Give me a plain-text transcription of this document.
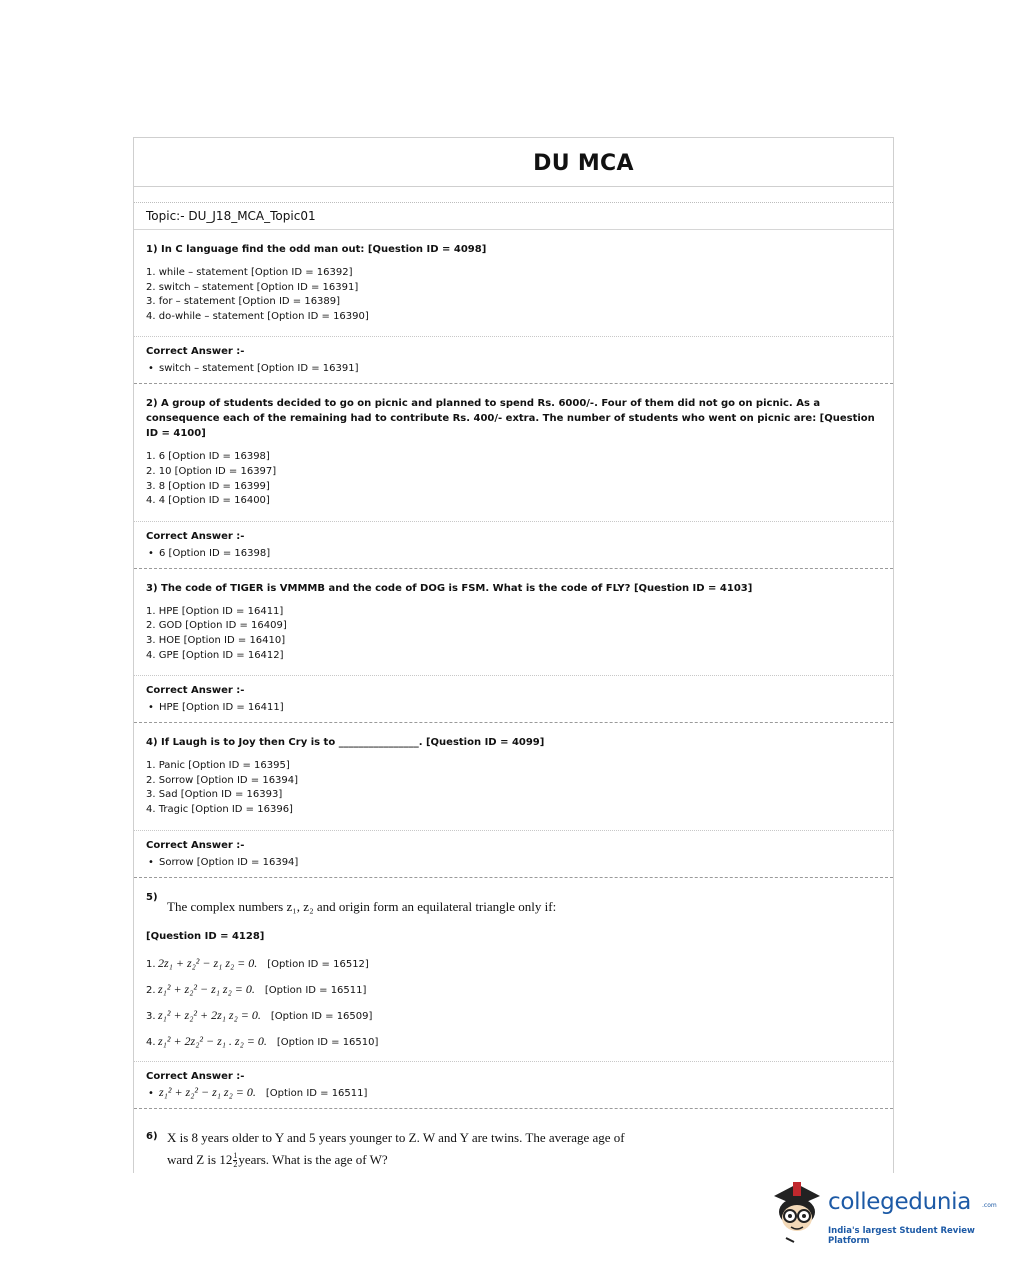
DU MCA
Topic:- DU_J18_MCA_Topic01
1) In C language find the odd man out: [Question ID = 4098]
1. while – statement [Option ID = 16392]
2. switch – statement [Option ID = 16391]
3. for – statement [Option ID = 16389]
4. do-while – statement [Option ID = 16390]
Correct Answer :-
• switch – statement [Option ID = 16391]
2) A group of students decided to go on picnic and planned to spend Rs. 6000/-. Four of them did not go on picnic. As a consequence each of the remaining had to contribute Rs. 400/- extra. The number of students who went on picnic are: [Question ID = 4100]
1. 6 [Option ID = 16398]
2. 10 [Option ID = 16397]
3. 8 [Option ID = 16399]
4. 4 [Option ID = 16400]
Correct Answer :-
• 6 [Option ID = 16398]
3) The code of TIGER is VMMMB and the code of DOG is FSM. What is the code of FLY? [Question ID = 4103]
1. HPE [Option ID = 16411]
2. GOD [Option ID = 16409]
3. HOE [Option ID = 16410]
4. GPE [Option ID = 16412]
Correct Answer :-
• HPE [Option ID = 16411]
4) If Laugh is to Joy then Cry is to ________________. [Question ID = 4099]
1. Panic [Option ID = 16395]
2. Sorrow [Option ID = 16394]
3. Sad [Option ID = 16393]
4. Tragic [Option ID = 16396]
Correct Answer :-
• Sorrow [Option ID = 16394]
5)
The complex numbers z₁, z₂ and origin form an equilateral triangle only if:
[Question ID = 4128]
1. 2z₁ + z₂² − z₁ z₂ = 0. [Option ID = 16512]
2. z₁² + z₂² − z₁ z₂ = 0. [Option ID = 16511]
3. z₁² + z₂² + 2z₁ z₂ = 0. [Option ID = 16509]
4. z₁² + 2z₂² − z₁ . z₂ = 0. [Option ID = 16510]
Correct Answer :-
• z₁² + z₂² − z₁ z₂ = 0. [Option ID = 16511]
6) X is 8 years older to Y and 5 years younger to Z. W and Y are twins. The average age of
ward Z is $12 \frac{1}{2}$ years. What is the age of W?
collegedunia .com
India's largest Student Review Platform
